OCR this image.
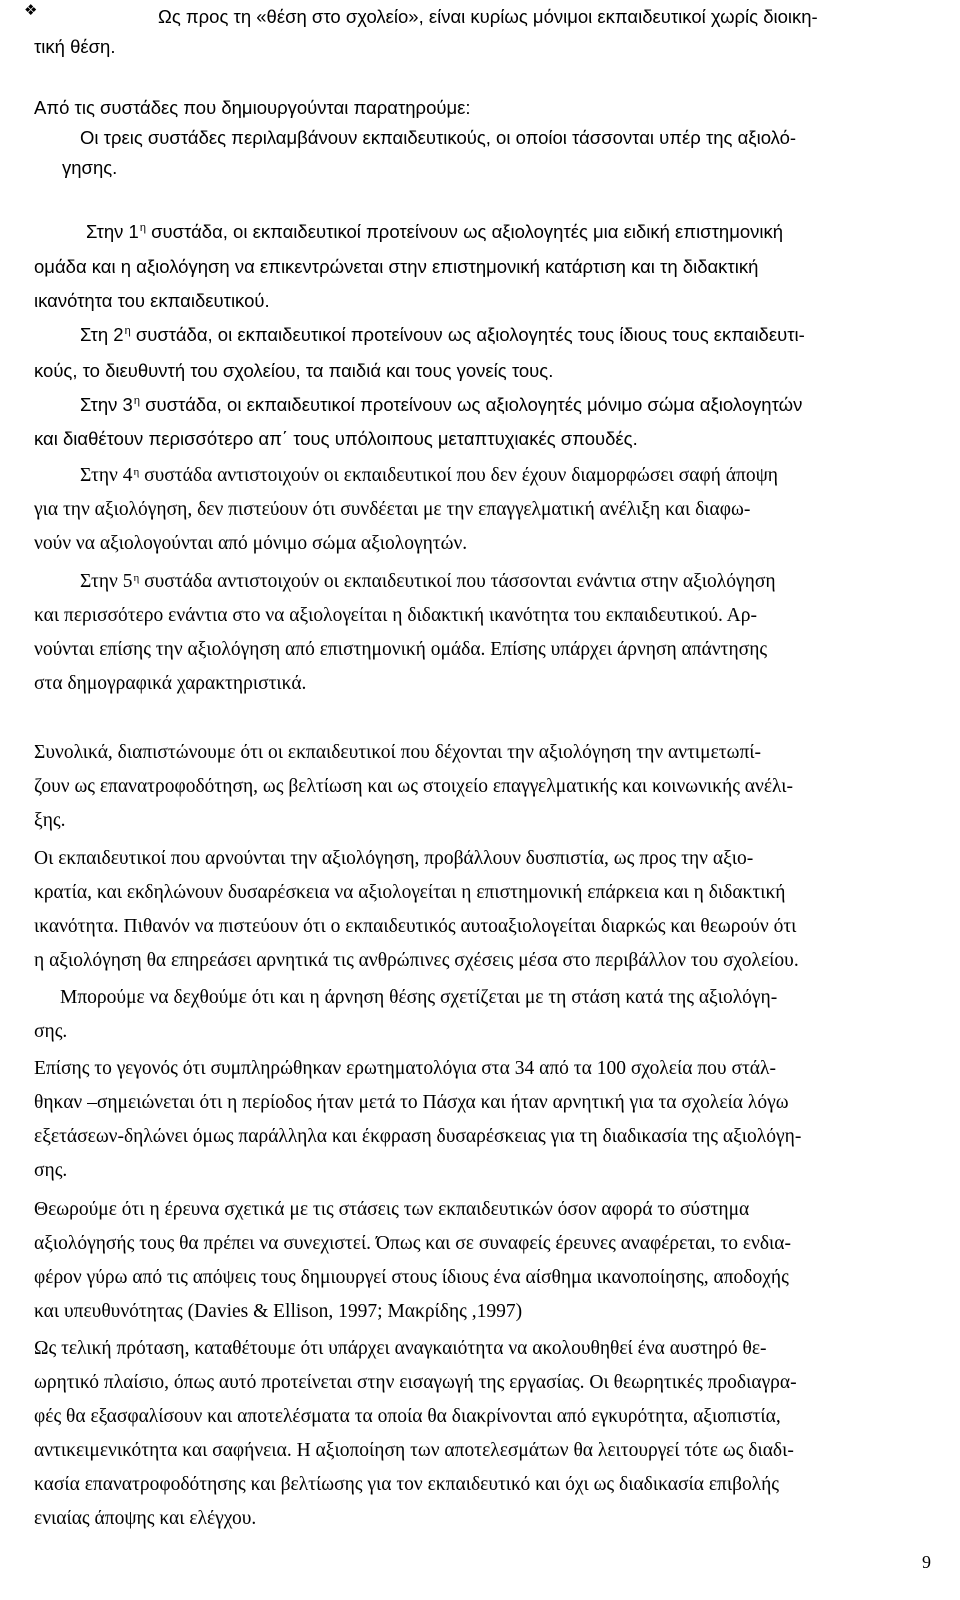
❖	Ως προς τη «θέση στο σχολείο», είναι κυρίως μόνιμοι εκπαιδευτικοί χωρίς διοικη-

τική θέση.

Από τις συστάδες που δημιουργούνται παρατηρούμε:

Οι τρεις συστάδες περιλαμβάνουν εκπαιδευτικούς, οι οποίοι τάσσονται υπέρ της αξιολό-

γησης.

Στην $1^\eta$ συστάδα, οι εκπαιδευτικοί προτείνουν ως αξιολογητές μια ειδική επιστημονική

ομάδα και η αξιολόγηση να επικεντρώνεται στην επιστημονική κατάρτιση και τη διδακτική

ικανότητα του εκπαιδευτικού.

Στη $2^\eta$ συστάδα, οι εκπαιδευτικοί προτείνουν ως αξιολογητές τους ίδιους τους εκπαιδευτι-

κούς, το διευθυντή του σχολείου, τα παιδιά και τους γονείς τους.

Στην $3^\eta$ συστάδα, οι εκπαιδευτικοί προτείνουν ως αξιολογητές μόνιμο σώμα αξιολογητών

και διαθέτουν περισσότερο απ΄ τους υπόλοιπους μεταπτυχιακές σπουδές.

Στην $4^\eta$ συστάδα αντιστοιχούν οι εκπαιδευτικοί που δεν έχουν διαμορφώσει σαφή άποψη

για την αξιολόγηση, δεν πιστεύουν ότι συνδέεται με την επαγγελματική ανέλιξη και διαφω-

νούν να αξιολογούνται από μόνιμο σώμα αξιολογητών.

Στην $5^\eta$ συστάδα αντιστοιχούν οι εκπαιδευτικοί που τάσσονται ενάντια στην αξιολόγηση

και περισσότερο ενάντια στο να αξιολογείται η διδακτική ικανότητα του εκπαιδευτικού. Αρ-

νούνται επίσης την αξιολόγηση από επιστημονική ομάδα. Επίσης υπάρχει άρνηση απάντησης

στα δημογραφικά χαρακτηριστικά.

Συνολικά, διαπιστώνουμε ότι οι εκπαιδευτικοί που δέχονται την αξιολόγηση την αντιμετωπί-

ζουν ως επανατροφοδότηση, ως βελτίωση και ως στοιχείο επαγγελματικής και κοινωνικής ανέλι-

ξης.

Οι εκπαιδευτικοί που αρνούνται την αξιολόγηση, προβάλλουν δυσπιστία, ως προς την αξιο-

κρατία, και εκδηλώνουν δυσαρέσκεια να αξιολογείται η επιστημονική επάρκεια και η διδακτική

ικανότητα. Πιθανόν να πιστεύουν ότι ο εκπαιδευτικός αυτοαξιολογείται διαρκώς και θεωρούν ότι

η αξιολόγηση θα επηρεάσει αρνητικά τις ανθρώπινες σχέσεις μέσα στο περιβάλλον του σχολείου.

Μπορούμε να δεχθούμε ότι και η άρνηση θέσης σχετίζεται με τη στάση κατά της αξιολόγη-

σης.

Επίσης το γεγονός ότι συμπληρώθηκαν ερωτηματολόγια στα 34 από τα 100 σχολεία που στάλ-

θηκαν –σημειώνεται ότι η περίοδος ήταν μετά το Πάσχα και ήταν αρνητική για τα σχολεία λόγω

εξετάσεων-δηλώνει όμως παράλληλα και έκφραση δυσαρέσκειας για τη διαδικασία της αξιολόγη-

σης.

Θεωρούμε ότι η έρευνα σχετικά με τις στάσεις των εκπαιδευτικών όσον αφορά το σύστημα

αξιολόγησής τους θα πρέπει να συνεχιστεί. Όπως και σε συναφείς έρευνες αναφέρεται, το ενδια-

φέρον γύρω από τις απόψεις τους δημιουργεί στους ίδιους ένα αίσθημα ικανοποίησης, αποδοχής

και υπευθυνότητας (Davies & Ellison, 1997; Μακρίδης ,1997)

Ως τελική πρόταση, καταθέτουμε ότι υπάρχει αναγκαιότητα να ακολουθηθεί ένα αυστηρό θε-

ωρητικό πλαίσιο, όπως αυτό προτείνεται στην εισαγωγή της εργασίας. Οι θεωρητικές προδιαγρα-

φές θα εξασφαλίσουν και αποτελέσματα τα οποία θα διακρίνονται από εγκυρότητα, αξιοπιστία,

αντικειμενικότητα και σαφήνεια. Η αξιοποίηση των αποτελεσμάτων θα λειτουργεί τότε ως διαδι-

κασία επανατροφοδότησης και βελτίωσης για τον εκπαιδευτικό και όχι ως διαδικασία επιβολής

ενιαίας άποψης και ελέγχου.

9
